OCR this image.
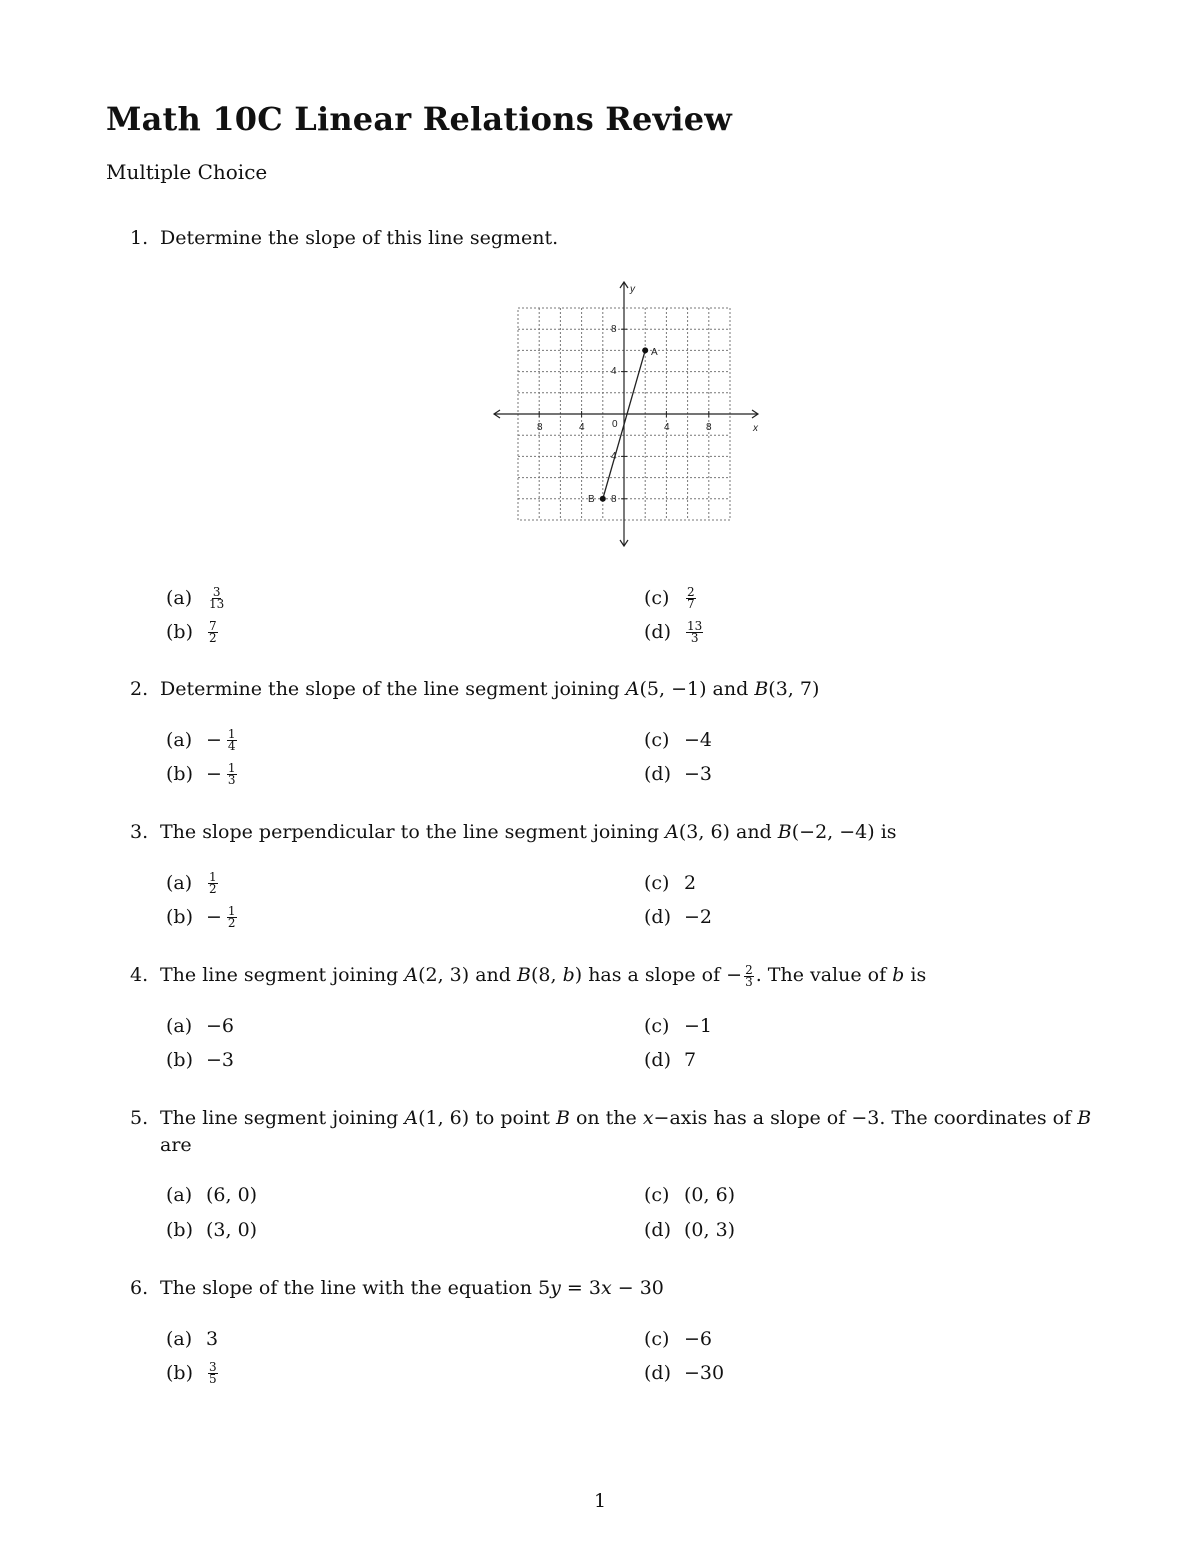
Math 10C Linear Relations Review
Multiple Choice
1. Determine the slope of this line segment.
x
y
0
8	4	4	8
8
4
4
8
A
B
(a)	$\frac{3}{13}$
(b)	$\frac{7}{2}$
(c)	$\frac{2}{7}$
(d)	$\frac{13}{3}$
2. Determine the slope of the line segment joining A(5, −1) and B(3, 7)
$(a) - \frac{1}{4}$
$(b) - \frac{1}{3}$
(c) −4
(d) −3
3. The slope perpendicular to the line segment joining A(3, 6) and B(−2, −4) is
(a)	$\frac{1}{2}$
$(b) - \frac{1}{2}$
(c) 2
(d) −2
4. The line segment joining A(2, 3) and B(8, b) has a slope of − $\frac{2}{3}$ . The value of b is
(a) −6
(b) −3
(c) −1
(d) 7
5. The line segment joining A(1, 6) to point B on the x−axis has a slope of −3. The coordinates of B are
(a) (6, 0)
(b) (3, 0)
(c) (0, 6)
(d) (0, 3)
6. The slope of the line with the equation 5y = 3x − 30
(a) 3
(b)	$\frac{3}{5}$
(c) −6
(d) −30
1
